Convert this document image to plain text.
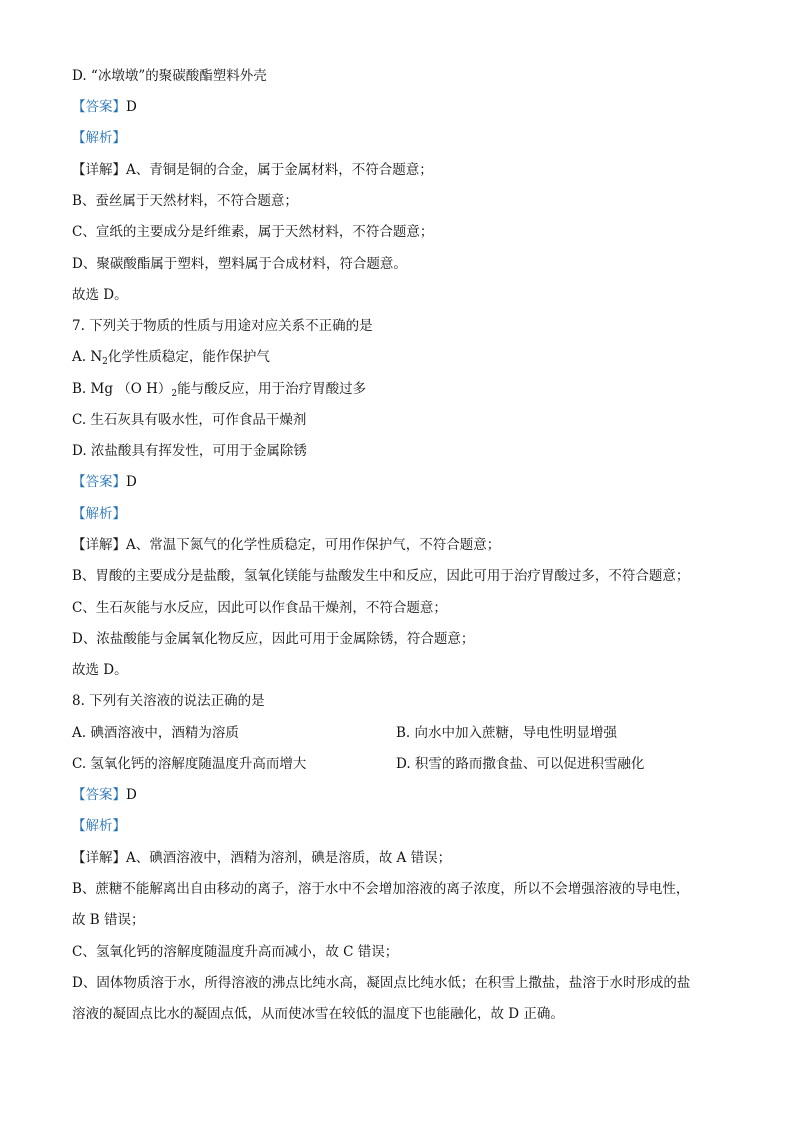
D. “冰墩墩”的聚碳酸酯塑料外壳
【答案】D
【解析】
【详解】A、青铜是铜的合金，属于金属材料，不符合题意；
B、蚕丝属于天然材料，不符合题意；
C、宣纸的主要成分是纤维素，属于天然材料，不符合题意；
D、聚碳酸酯属于塑料，塑料属于合成材料，符合题意。
故选 D。
7. 下列关于物质的性质与用途对应关系不正确的是
A. $N_2$化学性质稳定，能作保护气
B. Mg （O $H)_2$能与酸反应，用于治疗胃酸过多
C. 生石灰具有吸水性，可作食品干燥剂
D. 浓盐酸具有挥发性，可用于金属除锈
【答案】D
【解析】
【详解】A、常温下氮气的化学性质稳定，可用作保护气，不符合题意；
B、胃酸的主要成分是盐酸，氢氧化镁能与盐酸发生中和反应，因此可用于治疗胃酸过多，不符合题意；
C、生石灰能与水反应，因此可以作食品干燥剂，不符合题意；
D、浓盐酸能与金属氧化物反应，因此可用于金属除锈，符合题意；
故选 D。
8. 下列有关溶液的说法正确的是
A. 碘酒溶液中，酒精为溶质	B. 向水中加入蔗糖，导电性明显增强
C. 氢氧化钙的溶解度随温度升高而增大	D. 积雪的路而撒食盐、可以促进积雪融化
【答案】D
【解析】
【详解】A、碘酒溶液中，酒精为溶剂，碘是溶质，故 A 错误；
B、蔗糖不能解离出自由移动的离子，溶于水中不会增加溶液的离子浓度，所以不会增强溶液的导电性，
故 B 错误；
C、氢氧化钙的溶解度随温度升高而减小，故 C 错误；
D、固体物质溶于水，所得溶液的沸点比纯水高，凝固点比纯水低；在积雪上撒盐，盐溶于水时形成的盐
溶液的凝固点比水的凝固点低，从而使冰雪在较低的温度下也能融化，故 D 正确。
